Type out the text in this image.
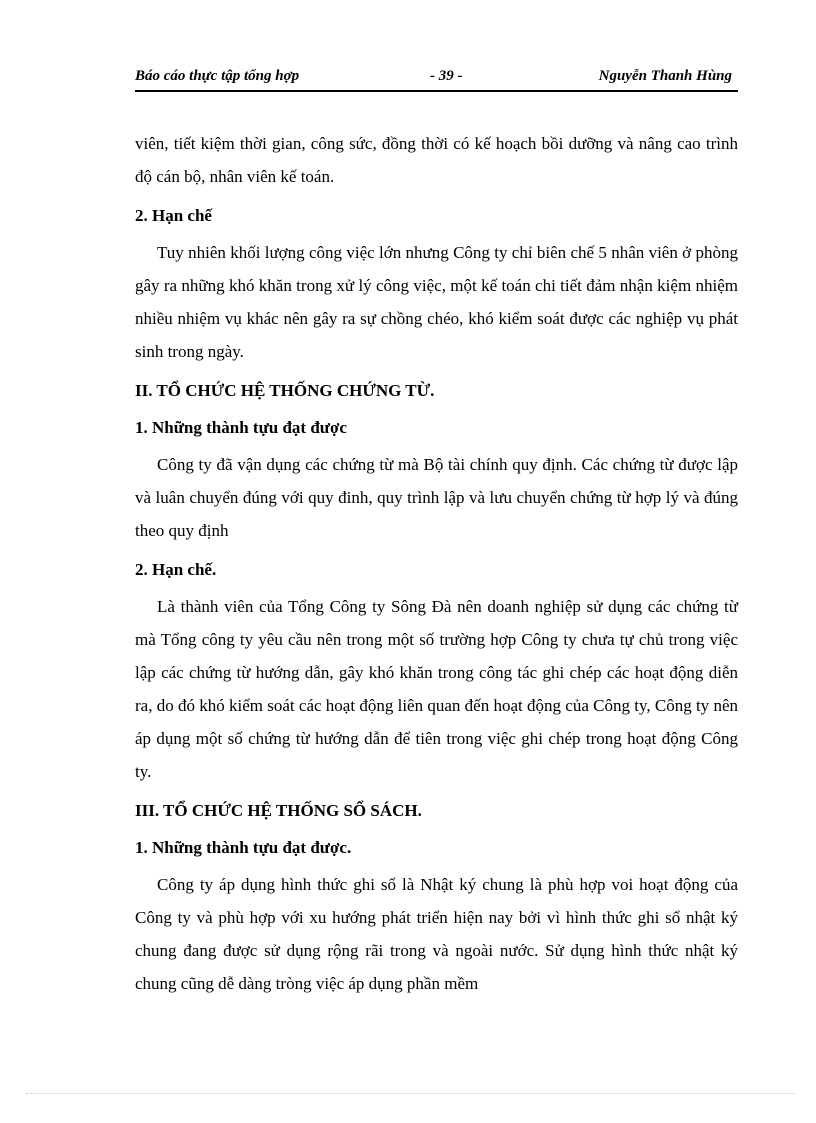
Báo cáo thực tập tổng hợp	- 39 -	Nguyễn Thanh Hùng

viên, tiết kiệm thời gian, công sức, đồng thời có kế hoạch bồi dưỡng và nâng cao trình độ cán bộ, nhân viên kế toán.

2. Hạn chế

Tuy nhiên khối lượng công việc lớn nhưng Công ty chỉ biên chế 5 nhân viên ở phòng gây ra những khó khăn trong xử lý công việc, một kế toán chi tiết đảm nhận kiệm nhiệm nhiều nhiệm vụ khác nên gây ra sự chồng chéo, khó kiểm soát được các nghiệp vụ phát sinh trong ngày.

II. TỔ CHỨC HỆ THỐNG CHỨNG TỪ.
1. Những thành tựu đạt được

Công ty đã vận dụng các chứng từ mà Bộ tài chính quy định. Các chứng từ được lập và luân chuyển đúng với quy đinh, quy trình lập và lưu chuyển chứng từ hợp lý và đúng theo quy định

2. Hạn chế.

Là thành viên của Tổng Công ty Sông Đà nên doanh nghiệp sử dụng các chứng từ mà Tổng công ty yêu cầu nên trong một số trường hợp Công ty chưa tự chủ trong việc lập các chứng từ hướng dẫn, gây khó khăn trong công tác ghi chép các hoạt động diễn ra, do đó khó kiểm soát các hoạt động liên quan đến hoạt động của Công ty, Công ty nên áp dụng một số chứng từ hướng dẫn để tiên trong việc ghi chép trong hoạt động Công ty.

III. TỔ CHỨC HỆ THỐNG SỔ SÁCH.
1. Những thành tựu đạt được.

Công ty áp dụng hình thức ghi sổ là Nhật ký chung là phù hợp voi hoạt động của Công ty và phù hợp với xu hướng phát triển hiện nay bởi vì hình thức ghi sổ nhật ký chung đang được sử dụng rộng rãi trong và ngoài nước. Sử dụng hình thức nhật ký chung cũng dễ dàng tròng việc áp dụng phần mềm
